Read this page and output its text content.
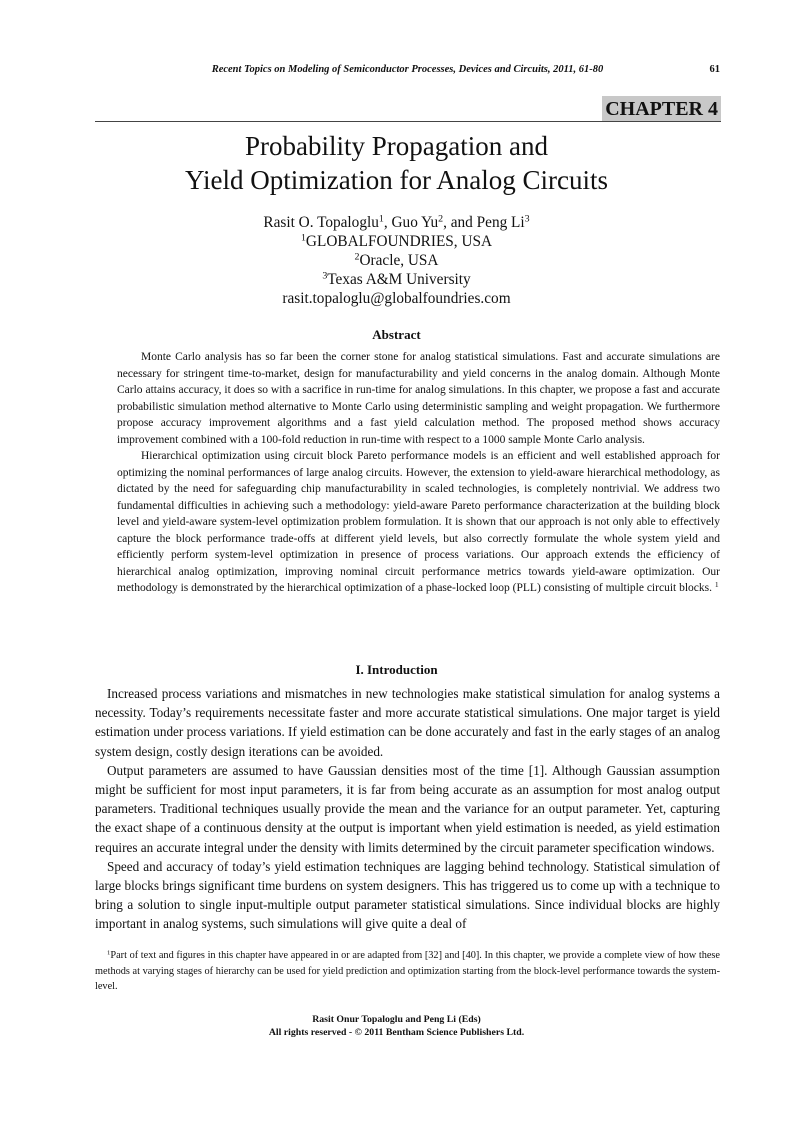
Recent Topics on Modeling of Semiconductor Processes, Devices and Circuits, 2011, 61-80	61
CHAPTER 4
Probability Propagation and
Yield Optimization for Analog Circuits
Rasit O. Topaloglu$^1$, Guo Yu$^2$, and Peng Li$^3$
$^1$GLOBALFOUNDRIES, USA
$^2$Oracle, USA
$^3$Texas A&M University
rasit.topaloglu@globalfoundries.com
Abstract

Monte Carlo analysis has so far been the corner stone for analog statistical simulations. Fast and accurate simulations are necessary for stringent time-to-market, design for manufacturability and yield concerns in the analog domain. Although Monte Carlo attains accuracy, it does so with a sacrifice in run-time for analog simulations. In this chapter, we propose a fast and accurate probabilistic simulation method alternative to Monte Carlo using deterministic sampling and weight propagation. We furthermore propose accuracy improvement algorithms and a fast yield calculation method. The proposed method shows accuracy improvement combined with a 100-fold reduction in run-time with respect to a 1000 sample Monte Carlo analysis.

Hierarchical optimization using circuit block Pareto performance models is an efficient and well established approach for optimizing the nominal performances of large analog circuits. However, the extension to yield-aware hierarchical methodology, as dictated by the need for safeguarding chip manufacturability in scaled technologies, is completely nontrivial. We address two fundamental difficulties in achieving such a methodology: yield-aware Pareto performance characterization at the building block level and yield-aware system-level optimization problem formulation. It is shown that our approach is not only able to effectively capture the block performance trade-offs at different yield levels, but also correctly formulate the whole system yield and efficiently perform system-level optimization in presence of process variations. Our approach extends the efficiency of hierarchical analog optimization, improving nominal circuit performance metrics towards yield-aware optimization. Our methodology is demonstrated by the hierarchical optimization of a phase-locked loop (PLL) consisting of multiple circuit blocks. $^1$

I. Introduction

Increased process variations and mismatches in new technologies make statistical simulation for analog systems a necessity. Today’s requirements necessitate faster and more accurate statistical simulations. One major target is yield estimation under process variations. If yield estimation can be done accurately and fast in the early stages of an analog system design, costly design iterations can be avoided.

Output parameters are assumed to have Gaussian densities most of the time [1]. Although Gaussian assumption might be sufficient for most input parameters, it is far from being accurate as an assumption for most analog output parameters. Traditional techniques usually provide the mean and the variance for an output parameter. Yet, capturing the exact shape of a continuous density at the output is important when yield estimation is needed, as yield estimation requires an accurate integral under the density with limits determined by the circuit parameter specification windows.

Speed and accuracy of today’s yield estimation techniques are lagging behind technology. Statistical simulation of large blocks brings significant time burdens on system designers. This has triggered us to come up with a technique to bring a solution to single input-multiple output parameter statistical simulations. Since individual blocks are highly important in analog systems, such simulations will give quite a deal of

$^1$Part of text and figures in this chapter have appeared in or are adapted from [32] and [40]. In this chapter, we provide a complete view of how these methods at varying stages of hierarchy can be used for yield prediction and optimization starting from the block-level performance towards the system-level.

Rasit Onur Topaloglu and Peng Li (Eds)
All rights reserved - © 2011 Bentham Science Publishers Ltd.
